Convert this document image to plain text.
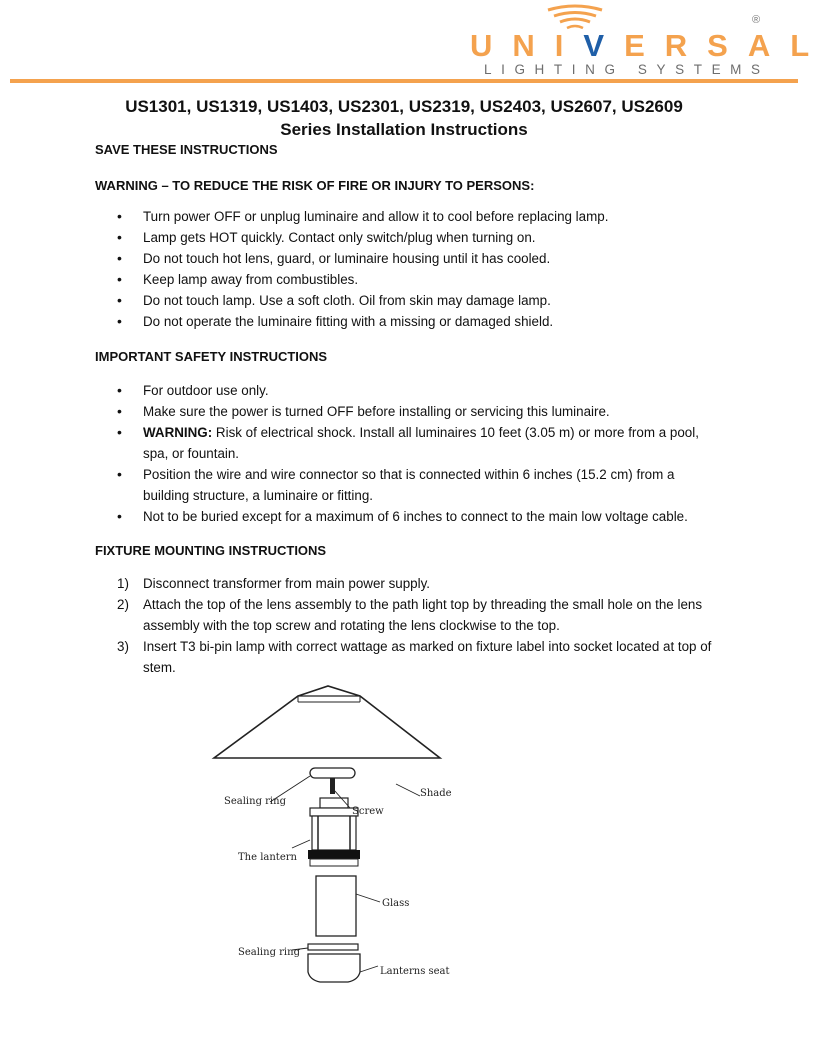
UNIVERSAL
LIGHTING SYSTEMS
®
US1301, US1319, US1403, US2301, US2319, US2403, US2607, US2609
Series Installation Instructions
SAVE THESE INSTRUCTIONS
WARNING – TO REDUCE THE RISK OF FIRE OR INJURY TO PERSONS:
• Turn power OFF or unplug luminaire and allow it to cool before replacing lamp.
• Lamp gets HOT quickly. Contact only switch/plug when turning on.
• Do not touch hot lens, guard, or luminaire housing until it has cooled.
• Keep lamp away from combustibles.
• Do not touch lamp. Use a soft cloth. Oil from skin may damage lamp.
• Do not operate the luminaire fitting with a missing or damaged shield.
IMPORTANT SAFETY INSTRUCTIONS
• For outdoor use only.
• Make sure the power is turned OFF before installing or servicing this luminaire.
• WARNING: Risk of electrical shock. Install all luminaires 10 feet (3.05 m) or more from a pool, spa, or fountain.
• Position the wire and wire connector so that is connected within 6 inches (15.2 cm) from a building structure, a luminaire or fitting.
• Not to be buried except for a maximum of 6 inches to connect to the main low voltage cable.
FIXTURE MOUNTING INSTRUCTIONS
1) Disconnect transformer from main power supply.
2) Attach the top of the lens assembly to the path light top by threading the small hole on the lens assembly with the top screw and rotating the lens clockwise to the top.
3) Insert T3 bi-pin lamp with correct wattage as marked on fixture label into socket located at top of stem.
Shade
Sealing ring
Screw
The lantern
Glass
Sealing ring
Lanterns seat
